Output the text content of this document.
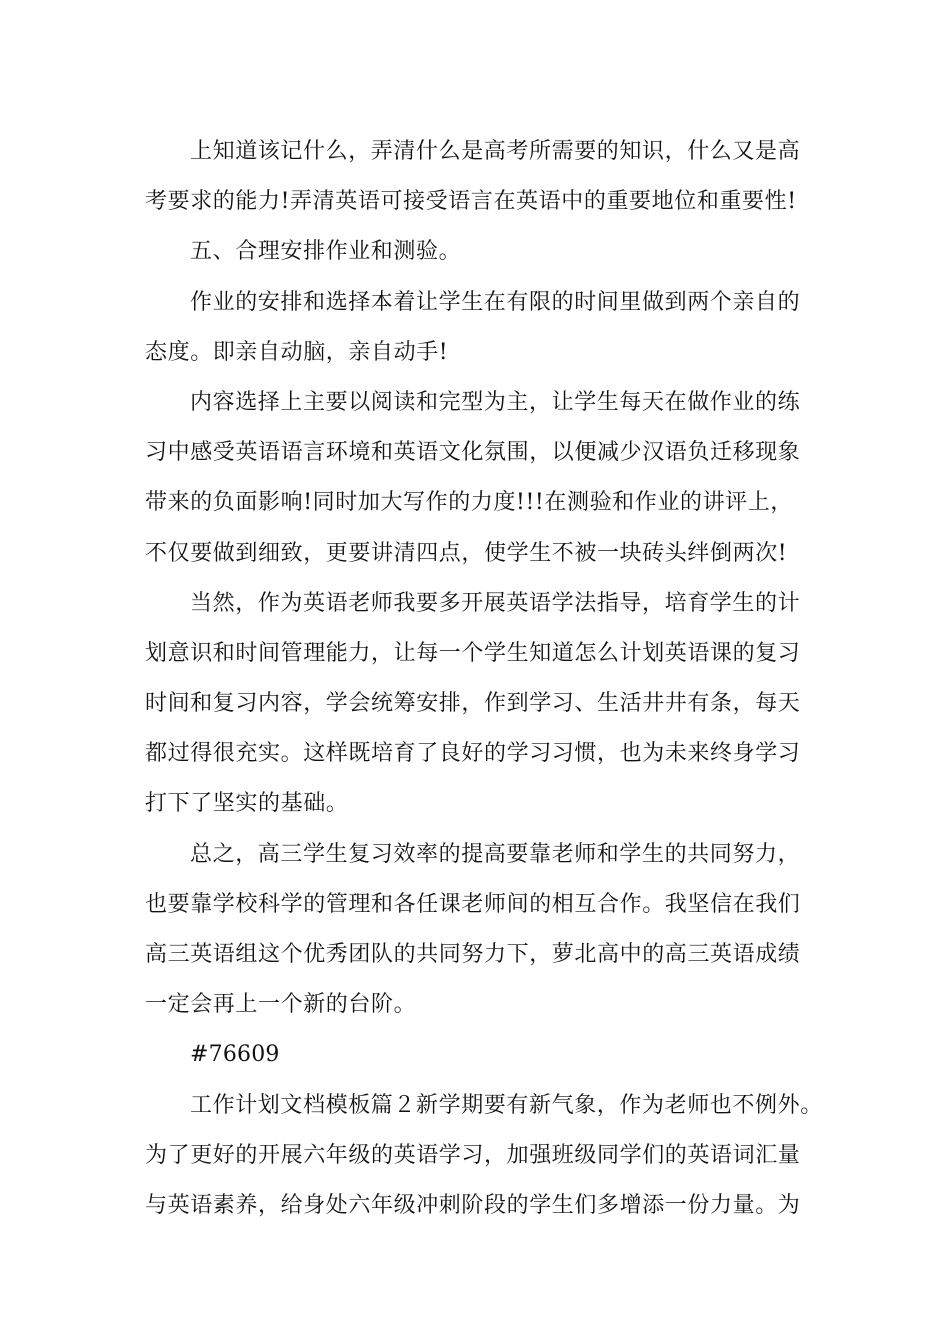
上知道该记什么，弄清什么是高考所需要的知识，什么又是高
考要求的能力!弄清英语可接受语言在英语中的重要地位和重要性!
五、合理安排作业和测验。
作业的安排和选择本着让学生在有限的时间里做到两个亲自的
态度。即亲自动脑，亲自动手!
内容选择上主要以阅读和完型为主，让学生每天在做作业的练
习中感受英语语言环境和英语文化氛围，以便减少汉语负迁移现象
带来的负面影响!同时加大写作的力度!!!在测验和作业的讲评上，
不仅要做到细致，更要讲清四点，使学生不被一块砖头绊倒两次!
当然，作为英语老师我要多开展英语学法指导，培育学生的计
划意识和时间管理能力，让每一个学生知道怎么计划英语课的复习
时间和复习内容，学会统筹安排，作到学习、生活井井有条，每天
都过得很充实。这样既培育了良好的学习习惯，也为未来终身学习
打下了坚实的基础。
总之，高三学生复习效率的提高要靠老师和学生的共同努力，
也要靠学校科学的管理和各任课老师间的相互合作。我坚信在我们
高三英语组这个优秀团队的共同努力下，萝北高中的高三英语成绩
一定会再上一个新的台阶。
#76609
工作计划文档模板篇２新学期要有新气象，作为老师也不例外。
为了更好的开展六年级的英语学习，加强班级同学们的英语词汇量
与英语素养，给身处六年级冲刺阶段的学生们多增添一份力量。为
